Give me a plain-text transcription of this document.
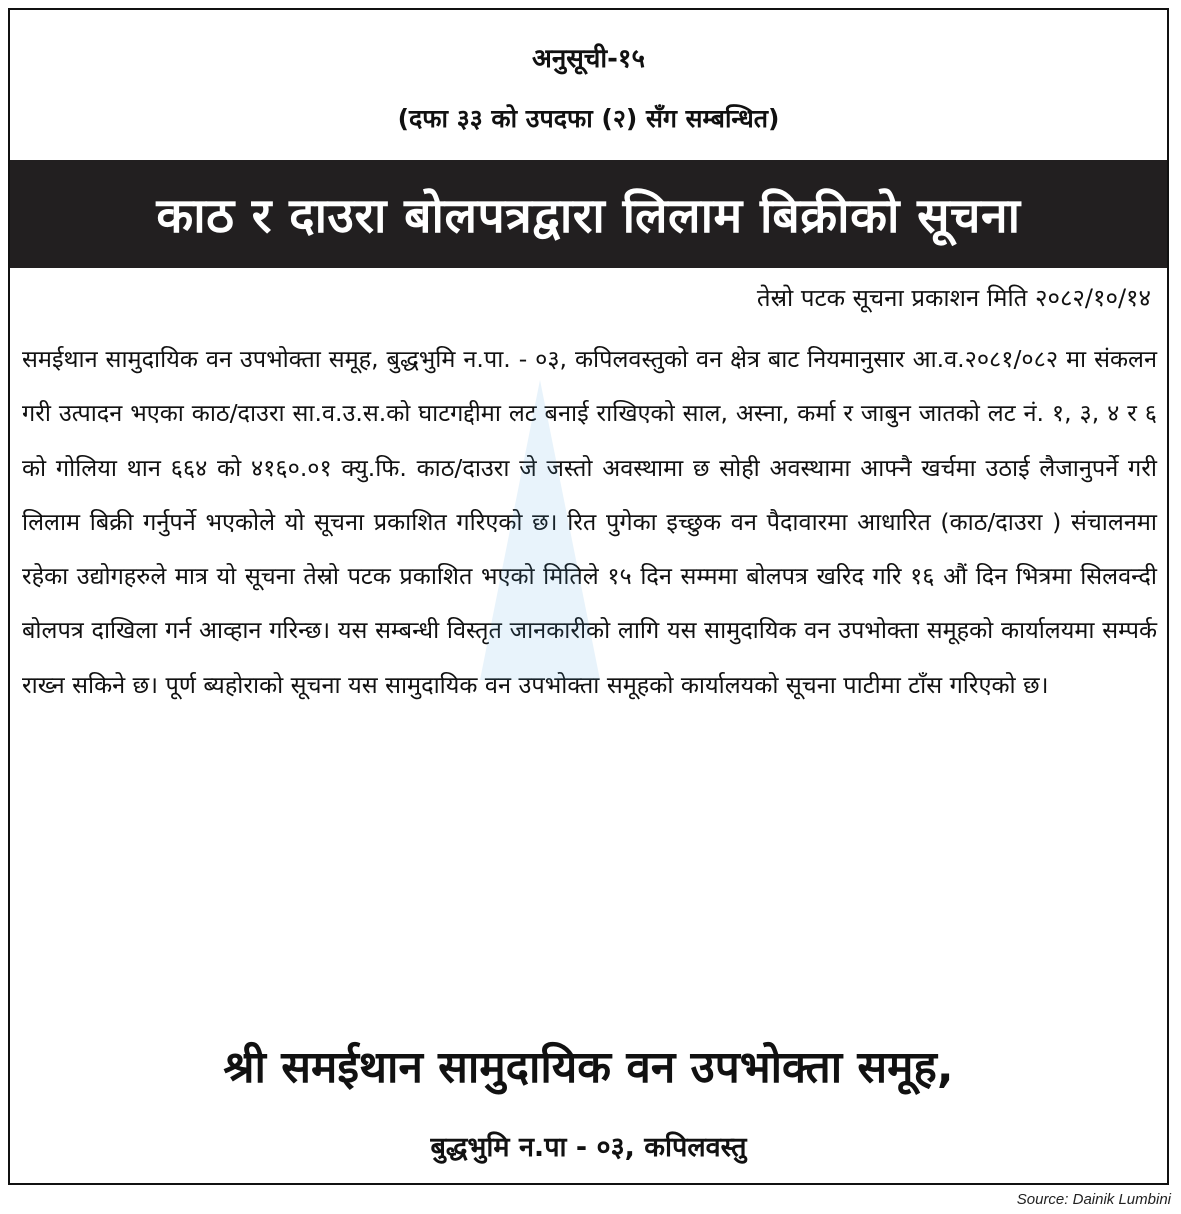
अनुसूची-१५
(दफा ३३ को उपदफा (२) सँग सम्बन्धित)
काठ र दाउरा बोलपत्रद्वारा लिलाम बिक्रीको सूचना
तेस्रो पटक सूचना प्रकाशन मिति २०८२/१०/१४

समईथान सामुदायिक वन उपभोक्ता समूह, बुद्धभुमि न.पा. - ०३, कपिलवस्तुको वन क्षेत्र बाट नियमानुसार आ.व.२०८१/०८२ मा संकलन गरी उत्पादन भएका काठ/दाउरा सा.व.उ.स.को घाटगद्दीमा लट बनाई राखिएको साल, अस्ना, कर्मा र जाबुन जातको लट नं. १, ३, ४ र ६ को गोलिया थान ६६४ को ४१६०.०१ क्यु.फि. काठ/दाउरा जे जस्तो अवस्थामा छ सोही अवस्थामा आफ्नै खर्चमा उठाई लैजानुपर्ने गरी लिलाम बिक्री गर्नुपर्ने भएकोले यो सूचना प्रकाशित गरिएको छ। रित पुगेका इच्छुक वन पैदावारमा आधारित (काठ/दाउरा ) संचालनमा रहेका उद्योगहरुले मात्र यो सूचना तेस्रो पटक प्रकाशित भएको मितिले १५ दिन सम्ममा बोलपत्र खरिद गरि १६ औं दिन भित्रमा सिलवन्दी बोलपत्र दाखिला गर्न आव्हान गरिन्छ। यस सम्बन्धी विस्तृत जानकारीको लागि यस सामुदायिक वन उपभोक्ता समूहको कार्यालयमा सम्पर्क राख्न सकिने छ। पूर्ण ब्यहोराको सूचना यस सामुदायिक वन उपभोक्ता समूहको कार्यालयको सूचना पाटीमा टाँस गरिएको छ।

श्री समईथान सामुदायिक वन उपभोक्ता समूह,
बुद्धभुमि न.पा - ०३, कपिलवस्तु
Source: Dainik Lumbini
